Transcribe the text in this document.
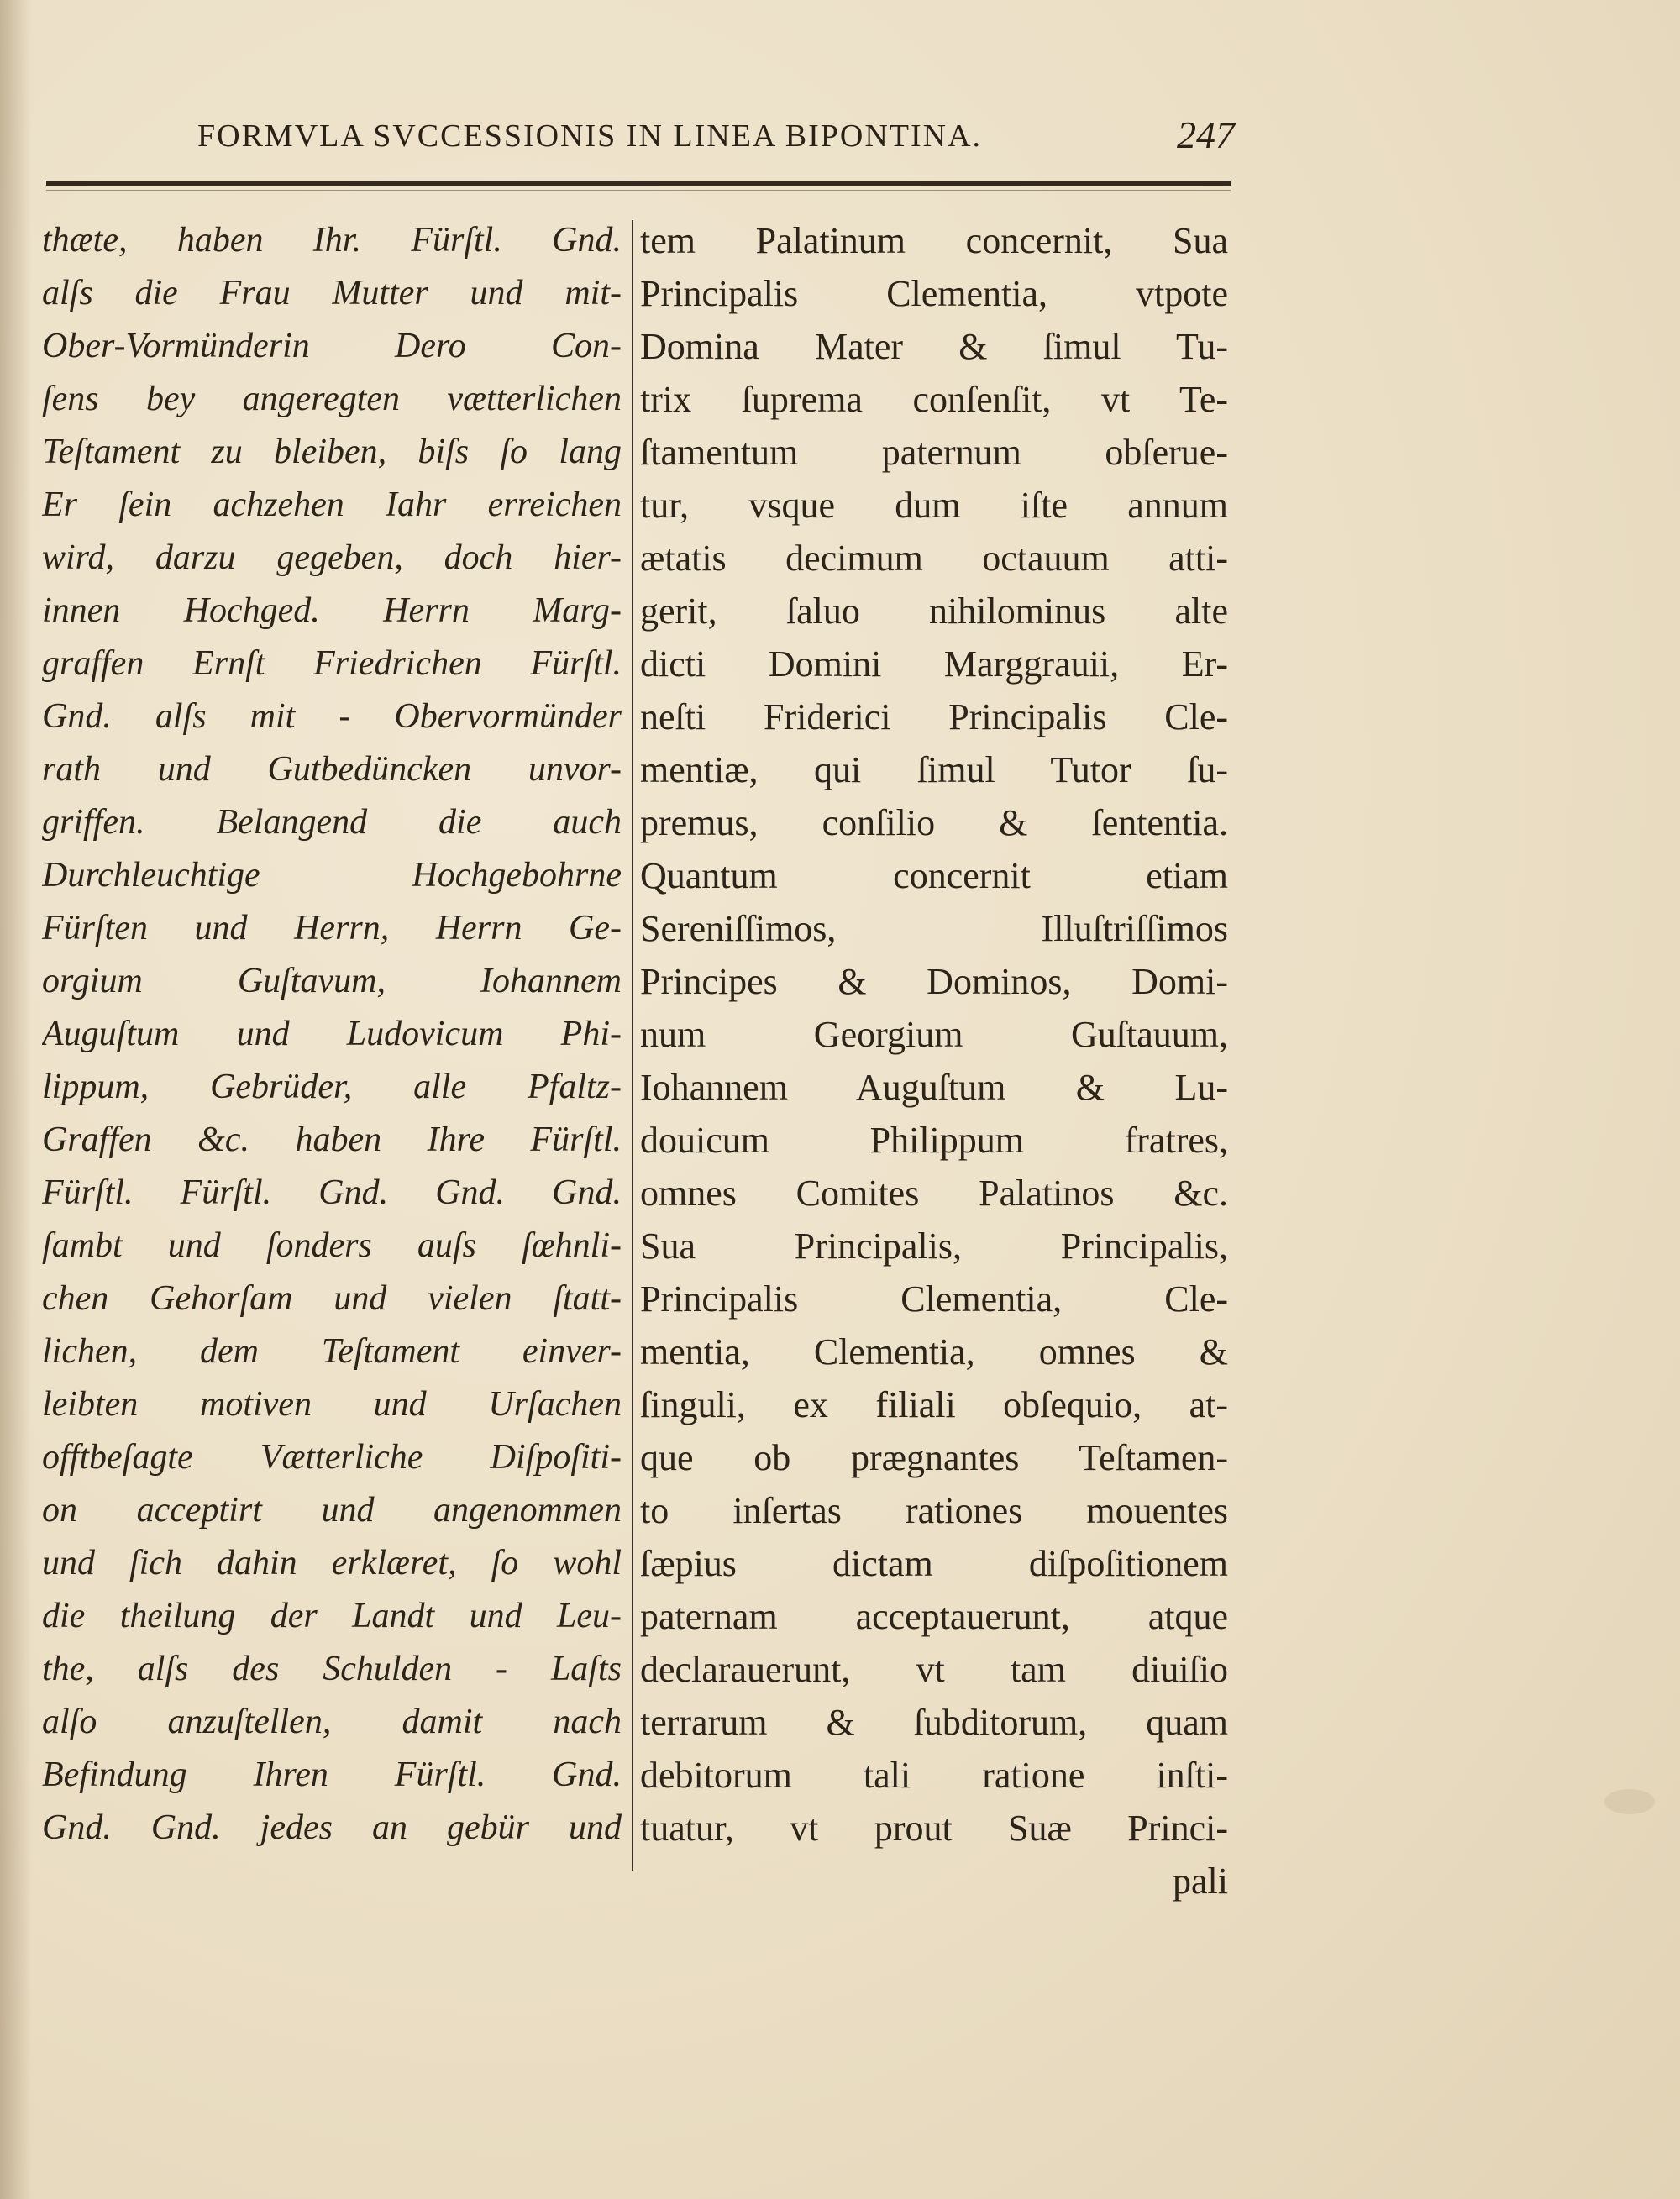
FORMVLA SVCCESSIONIS IN LINEA BIPONTINA.	247
thæte, haben Ihr. Fürſtl. Gnd.
alſs die Frau Mutter und mit-
Ober-Vormünderin Dero Con-
ſens bey angeregten vætterlichen
Teſtament zu bleiben, biſs ſo lang
Er ſein achzehen Iahr erreichen
wird, darzu gegeben, doch hier-
innen Hochged. Herrn Marg-
graffen Ernſt Friedrichen Fürſtl.
Gnd. alſs mit - Obervormünder
rath und Gutbedüncken unvor-
griffen. Belangend die auch
Durchleuchtige Hochgebohrne
Fürſten und Herrn, Herrn Ge-
orgium Guſtavum, Iohannem
Auguſtum und Ludovicum Phi-
lippum, Gebrüder, alle Pfaltz-
Graffen &c. haben Ihre Fürſtl.
Fürſtl. Fürſtl. Gnd. Gnd. Gnd.
ſambt und ſonders auſs ſœhnli-
chen Gehorſam und vielen ſtatt-
lichen, dem Teſtament einver-
leibten motiven und Urſachen
offtbeſagte Vætterliche Diſpoſiti-
on acceptirt und angenommen
und ſich dahin erklæret, ſo wohl
die theilung der Landt und Leu-
the, alſs des Schulden - Laſts
alſo anzuſtellen, damit nach
Befindung Ihren Fürſtl. Gnd.
Gnd. Gnd. jedes an gebür und
tem Palatinum concernit, Sua
Principalis Clementia, vtpote
Domina Mater & ſimul Tu-
trix ſuprema conſenſit, vt Te-
ſtamentum paternum obſerue-
tur, vsque dum iſte annum
ætatis decimum octauum atti-
gerit, ſaluo nihilominus alte
dicti Domini Marggrauii, Er-
neſti Friderici Principalis Cle-
mentiæ, qui ſimul Tutor ſu-
premus, conſilio & ſententia.
Quantum concernit etiam
Sereniſſimos, Illuſtriſſimos
Principes & Dominos, Domi-
num Georgium Guſtauum,
Iohannem Auguſtum & Lu-
douicum Philippum fratres,
omnes Comites Palatinos &c.
Sua Principalis, Principalis,
Principalis Clementia, Cle-
mentia, Clementia, omnes &
ſinguli, ex filiali obſequio, at-
que ob prægnantes Teſtamen-
to inſertas rationes mouentes
ſæpius dictam diſpoſitionem
paternam acceptauerunt, atque
declarauerunt, vt tam diuiſio
terrarum & ſubditorum, quam
debitorum tali ratione inſti-
tuatur, vt prout Suæ Princi-
pali
